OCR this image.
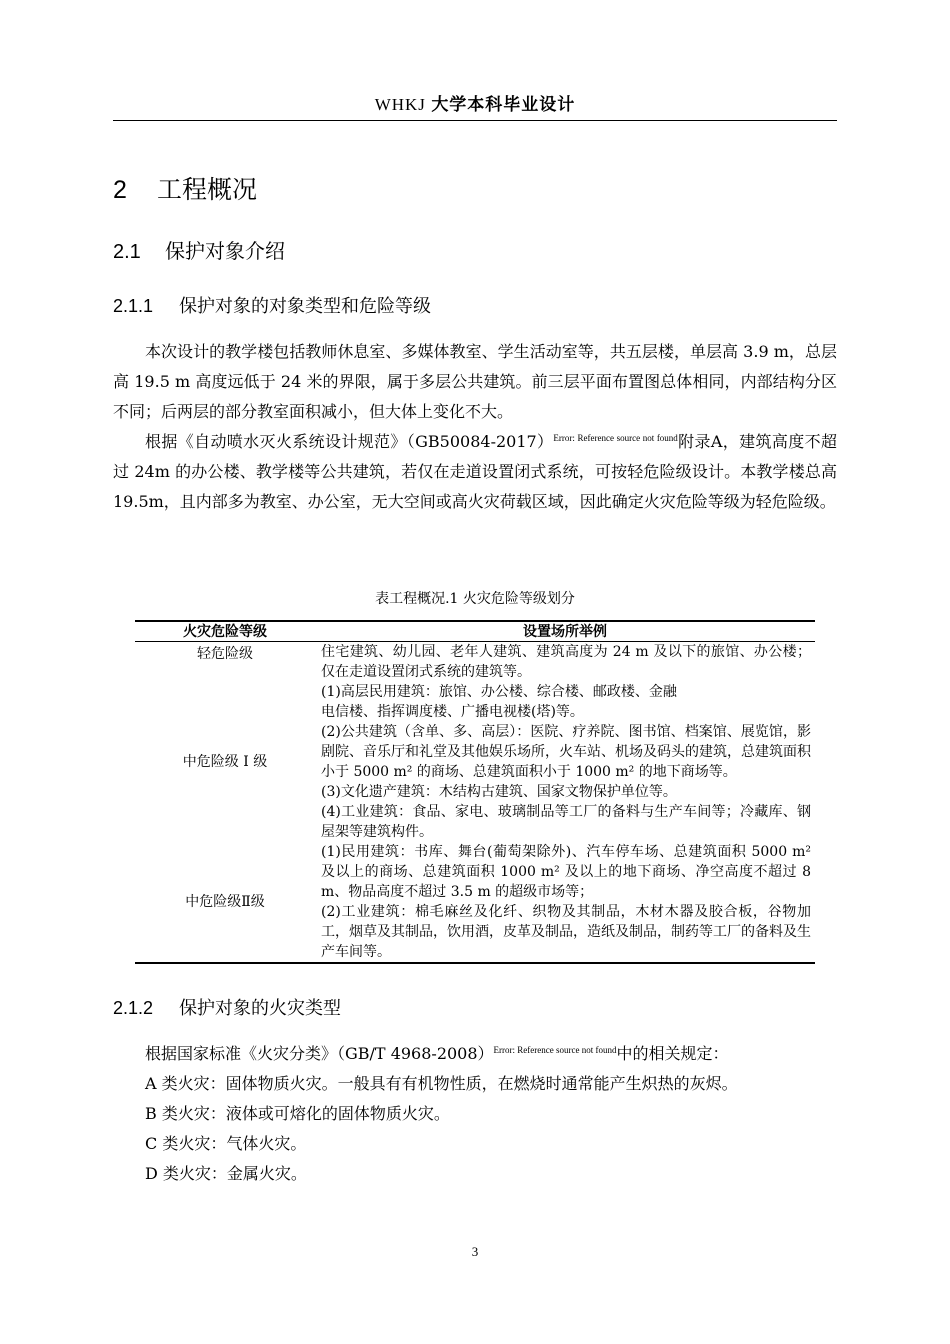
WHKJ 大学本科毕业设计
2 工程概况
2.1 保护对象介绍
2.1.1 保护对象的对象类型和危险等级

本次设计的教学楼包括教师休息室、多媒体教室、学生活动室等，共五层楼，单层高 3.9 m，总层高 19.5 m 高度远低于 24 米的界限，属于多层公共建筑。前三层平面布置图总体相同，内部结构分区不同；后两层的部分教室面积减小，但大体上变化不大。

根据《自动喷水灭火系统设计规范》$(GB50084-2017)^{Error: Reference source not found}$附录A，建筑高度不超过 24m 的办公楼、教学楼等公共建筑，若仅在走道设置闭式系统，可按轻危险级设计。本教学楼总高 19.5m，且内部多为教室、办公室，无大空间或高火灾荷载区域，因此确定火灾危险等级为轻危险级。

表工程概况.1 火灾危险等级划分
火灾危险等级	设置场所举例
轻危险级	住宅建筑、幼儿园、老年人建筑、建筑高度为 24 m 及以下的旅馆、办公楼；仅在走道设置闭式系统的建筑等。

中危险级 I 级	(1)高层民用建筑：旅馆、办公楼、综合楼、邮政楼、金融
电信楼、指挥调度楼、广播电视楼(塔)等。
(2)公共建筑（含单、多、高层）：医院、疗养院、图书馆、档案馆、展览馆，影剧院、音乐厅和礼堂及其他娱乐场所，火车站、机场及码头的建筑，总建筑面积小于 5000 m² 的商场、总建筑面积小于 1000 m² 的地下商场等。
(3)文化遗产建筑：木结构古建筑、国家文物保护单位等。
(4)工业建筑：食品、家电、玻璃制品等工厂的备料与生产车间等；冷藏库、钢屋架等建筑构件。

中危险级Ⅱ级	(1)民用建筑：书库、舞台(葡萄架除外)、汽车停车场、总建筑面积 5000 m² 及以上的商场、总建筑面积 1000 m² 及以上的地下商场、净空高度不超过 8 m、物品高度不超过 3.5 m 的超级市场等；
(2)工业建筑：棉毛麻丝及化纤、织物及其制品，木材木器及胶合板，谷物加工，烟草及其制品，饮用酒，皮革及制品，造纸及制品，制药等工厂的备料及生产车间等。
2.1.2 保护对象的火灾类型

根据国家标准《火灾分类》（GB/T 4968-2008）$^{Error: Reference source not found}$中的相关规定：

A 类火灾：固体物质火灾。一般具有有机物性质，在燃烧时通常能产生炽热的灰烬。

B 类火灾：液体或可熔化的固体物质火灾。

C 类火灾：气体火灾。

D 类火灾：金属火灾。

3
